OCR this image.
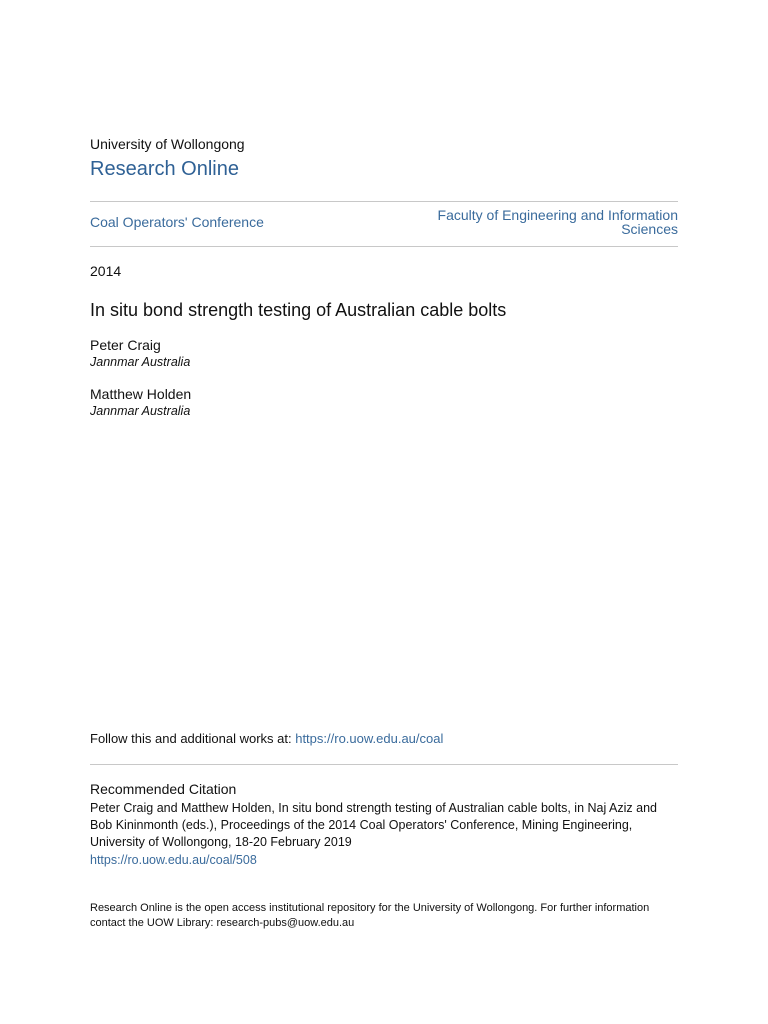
University of Wollongong
Research Online
Coal Operators' Conference	Faculty of Engineering and Information
Sciences
2014
In situ bond strength testing of Australian cable bolts
Peter Craig
Jannmar Australia
Matthew Holden
Jannmar Australia
Follow this and additional works at: https://ro.uow.edu.au/coal
Recommended Citation
Peter Craig and Matthew Holden, In situ bond strength testing of Australian cable bolts, in Naj Aziz and
Bob Kininmonth (eds.), Proceedings of the 2014 Coal Operators' Conference, Mining Engineering,
University of Wollongong, 18-20 February 2019
https://ro.uow.edu.au/coal/508
Research Online is the open access institutional repository for the University of Wollongong. For further information
contact the UOW Library: research-pubs@uow.edu.au
